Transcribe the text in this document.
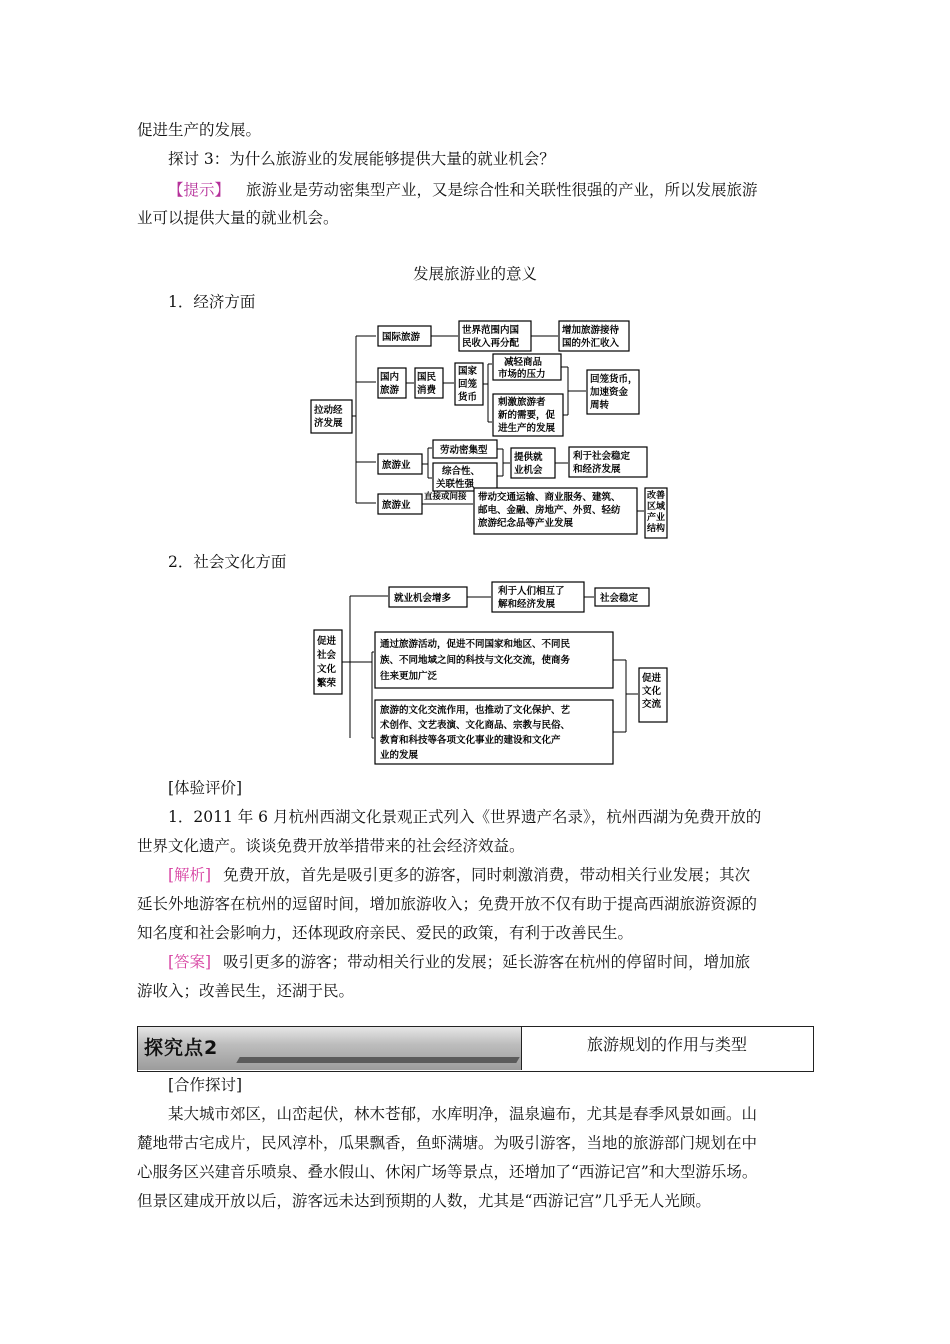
促进生产的发展。
探讨 3：为什么旅游业的发展能够提供大量的就业机会？
【提示】 旅游业是劳动密集型产业，又是综合性和关联性很强的产业，所以发展旅游
业可以提供大量的就业机会。
发展旅游业的意义
1．经济方面
拉动经济发展
国际旅游
世界范围内国民收入再分配
增加旅游接待国的外汇收入
国内旅游
国民消费
国家回笼货币
减轻商品市场的压力
刺激旅游者新的需要，促进生产的发展
回笼货币，加速资金周转
旅游业
劳动密集型
综合性、关联性强
提供就业机会
利于社会稳定和经济发展
旅游业
直接或间接 带动交通运输、商业服务、建筑、邮电、金融、房地产、外贸、轻纺旅游纪念品等产业发展
改善区域产业结构
2．社会文化方面
促进社会文化繁荣
就业机会增多
利于人们相互了解和经济发展
社会稳定
通过旅游活动，促进不同国家和地区、不同民族、不同地域之间的科技与文化交流，使商务往来更加广泛
旅游的文化交流作用，也推动了文化保护、艺术创作、文艺表演、文化商品、宗教与民俗、教育和科技等各项文化事业的建设和文化产业的发展
促进文化交流
[体验评价]
1．2011 年 6 月杭州西湖文化景观正式列入《世界遗产名录》，杭州西湖为免费开放的
世界文化遗产。谈谈免费开放举措带来的社会经济效益。
[解析] 免费开放，首先是吸引更多的游客，同时刺激消费，带动相关行业发展；其次
延长外地游客在杭州的逗留时间，增加旅游收入；免费开放不仅有助于提高西湖旅游资源的
知名度和社会影响力，还体现政府亲民、爱民的政策，有利于改善民生。
[答案] 吸引更多的游客；带动相关行业的发展；延长游客在杭州的停留时间，增加旅
游收入；改善民生，还湖于民。
探究点2	旅游规划的作用与类型
[合作探讨]
某大城市郊区，山峦起伏，林木苍郁，水库明净，温泉遍布，尤其是春季风景如画。山
麓地带古宅成片，民风淳朴，瓜果飘香，鱼虾满塘。为吸引游客，当地的旅游部门规划在中
心服务区兴建音乐喷泉、叠水假山、休闲广场等景点，还增加了“西游记宫”和大型游乐场。
但景区建成开放以后，游客远未达到预期的人数，尤其是“西游记宫”几乎无人光顾。
